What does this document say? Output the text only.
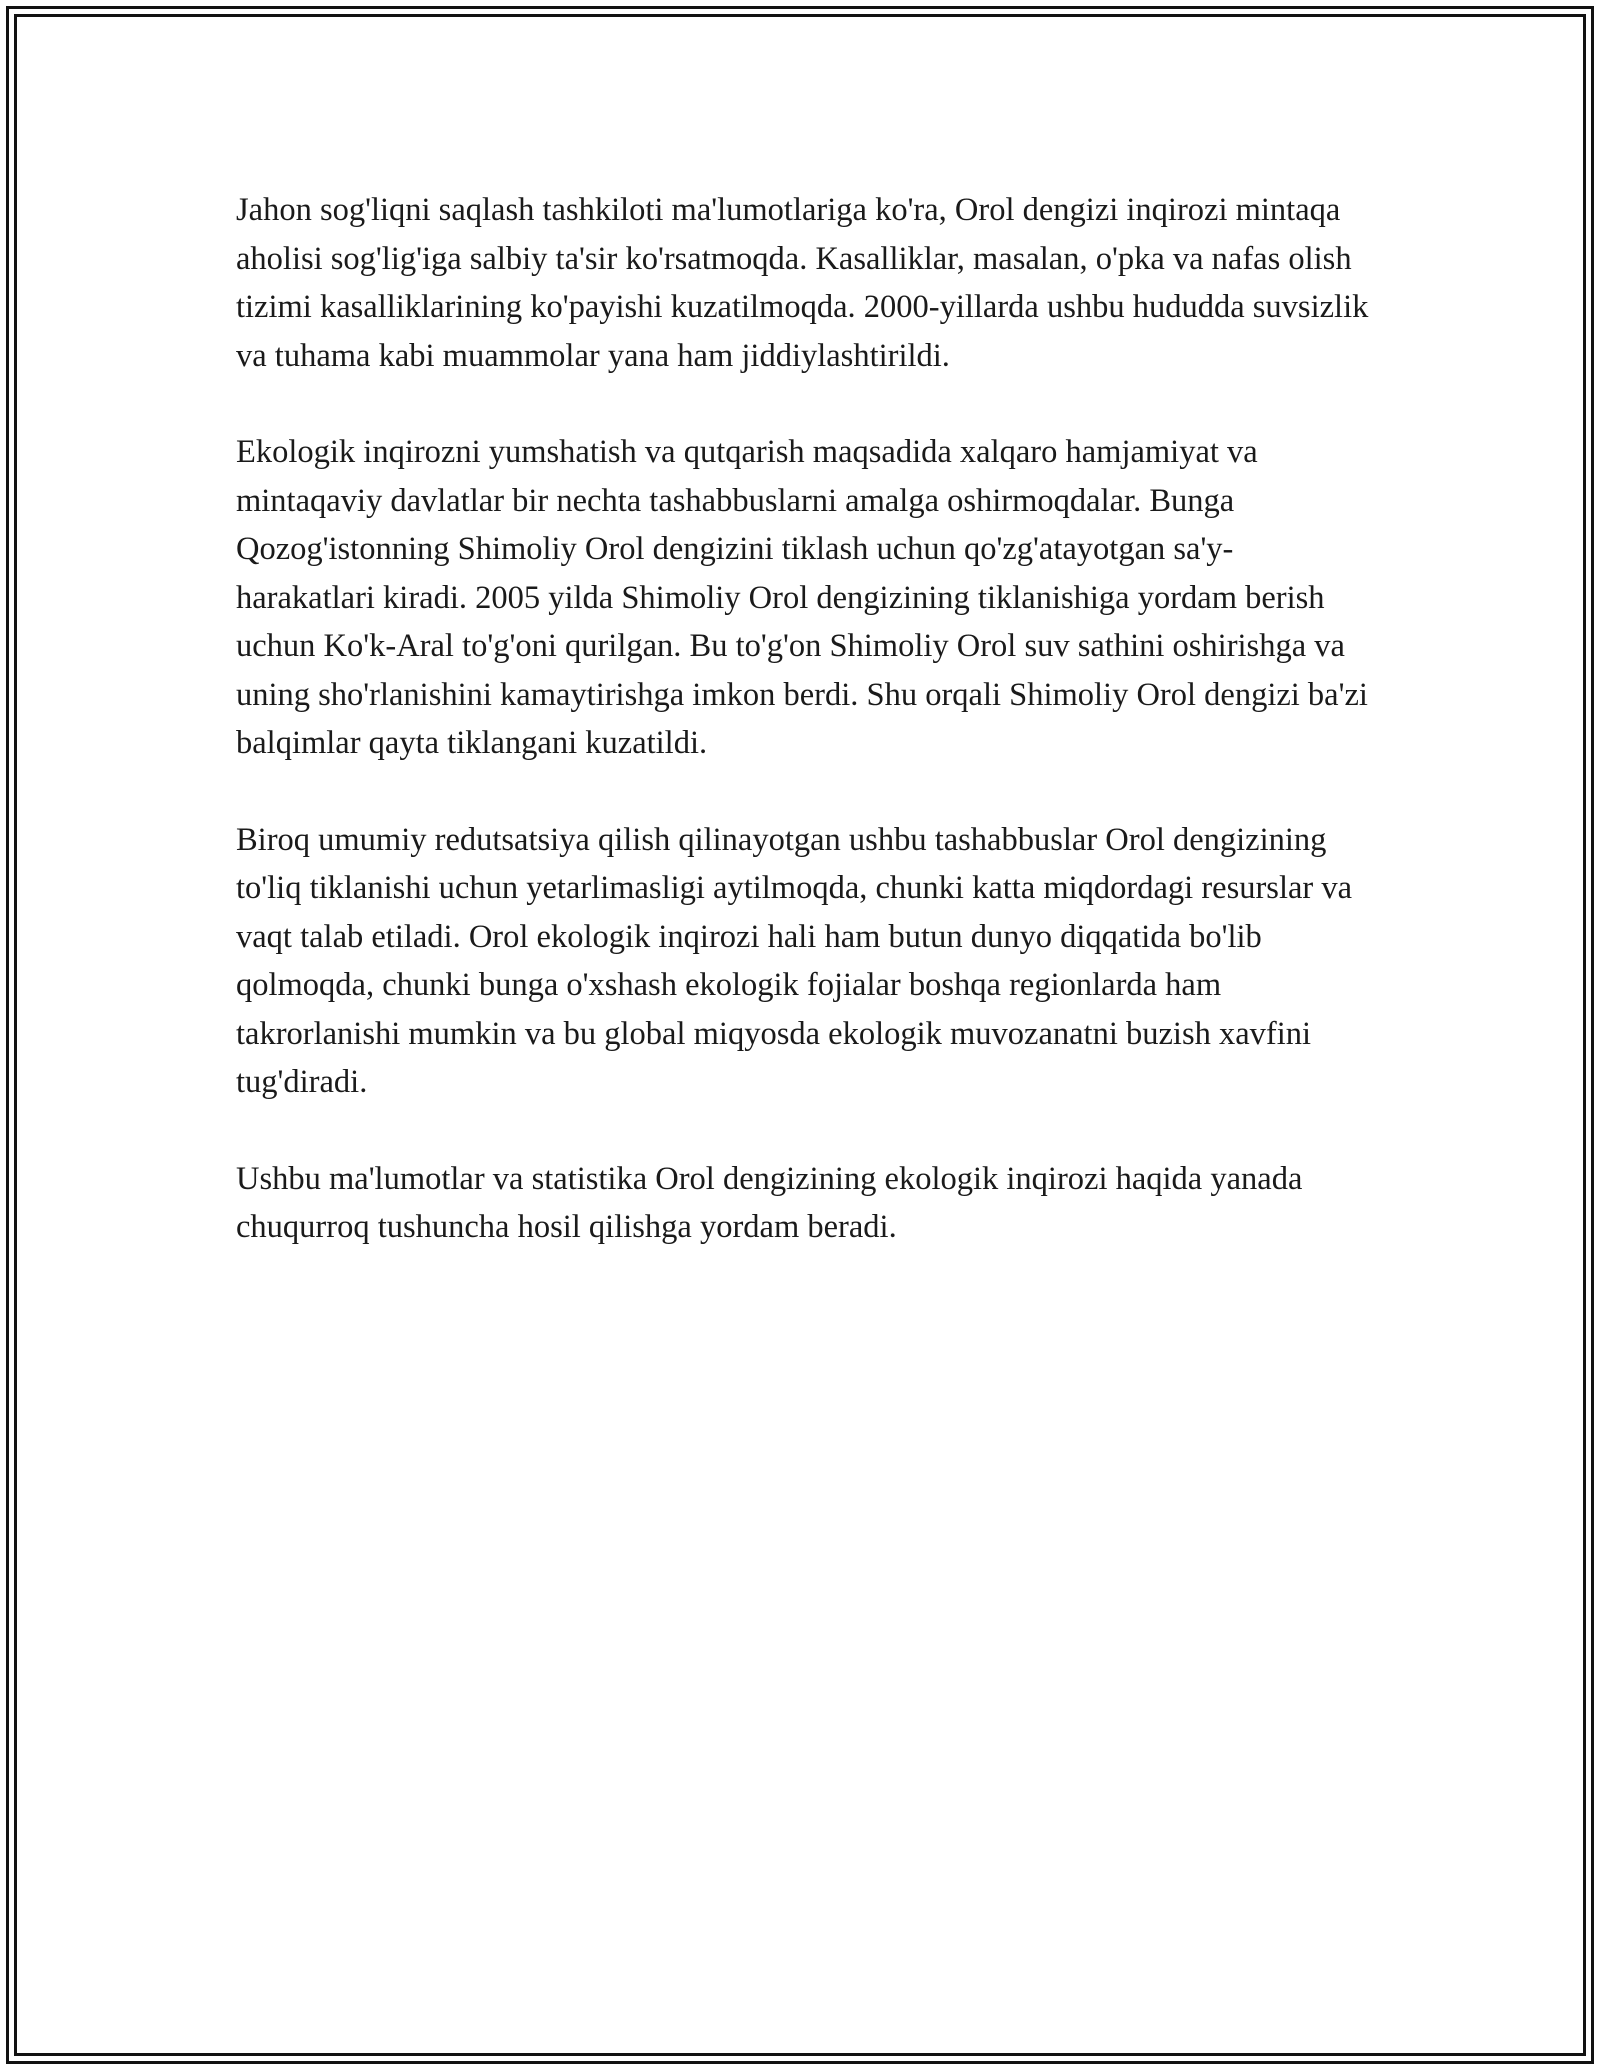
Jahon sog'liqni saqlash tashkiloti ma'lumotlariga ko'ra, Orol dengizi inqirozi mintaqa aholisi sog'lig'iga salbiy ta'sir ko'rsatmoqda. Kasalliklar, masalan, o'pka va nafas olish tizimi kasalliklarining ko'payishi kuzatilmoqda. 2000-yillarda ushbu hududda suvsizlik va tuhama kabi muammolar yana ham jiddiylashtirildi.

Ekologik inqirozni yumshatish va qutqarish maqsadida xalqaro hamjamiyat va mintaqaviy davlatlar bir nechta tashabbuslarni amalga oshirmoqdalar. Bunga Qozog'istonning Shimoliy Orol dengizini tiklash uchun qo'zg'atayotgan sa'y-harakatlari kiradi. 2005 yilda Shimoliy Orol dengizining tiklanishiga yordam berish uchun Ko'k-Aral to'g'oni qurilgan. Bu to'g'on Shimoliy Orol suv sathini oshirishga va uning sho'rlanishini kamaytirishga imkon berdi. Shu orqali Shimoliy Orol dengizi ba'zi balqimlar qayta tiklangani kuzatildi.

Biroq umumiy redutsatsiya qilish qilinayotgan ushbu tashabbuslar Orol dengizining to'liq tiklanishi uchun yetarlimasligi aytilmoqda, chunki katta miqdordagi resurslar va vaqt talab etiladi. Orol ekologik inqirozi hali ham butun dunyo diqqatida bo'lib qolmoqda, chunki bunga o'xshash ekologik fojialar boshqa regionlarda ham takrorlanishi mumkin va bu global miqyosda ekologik muvozanatni buzish xavfini tug'diradi.

Ushbu ma'lumotlar va statistika Orol dengizining ekologik inqirozi haqida yanada chuqurroq tushuncha hosil qilishga yordam beradi.
